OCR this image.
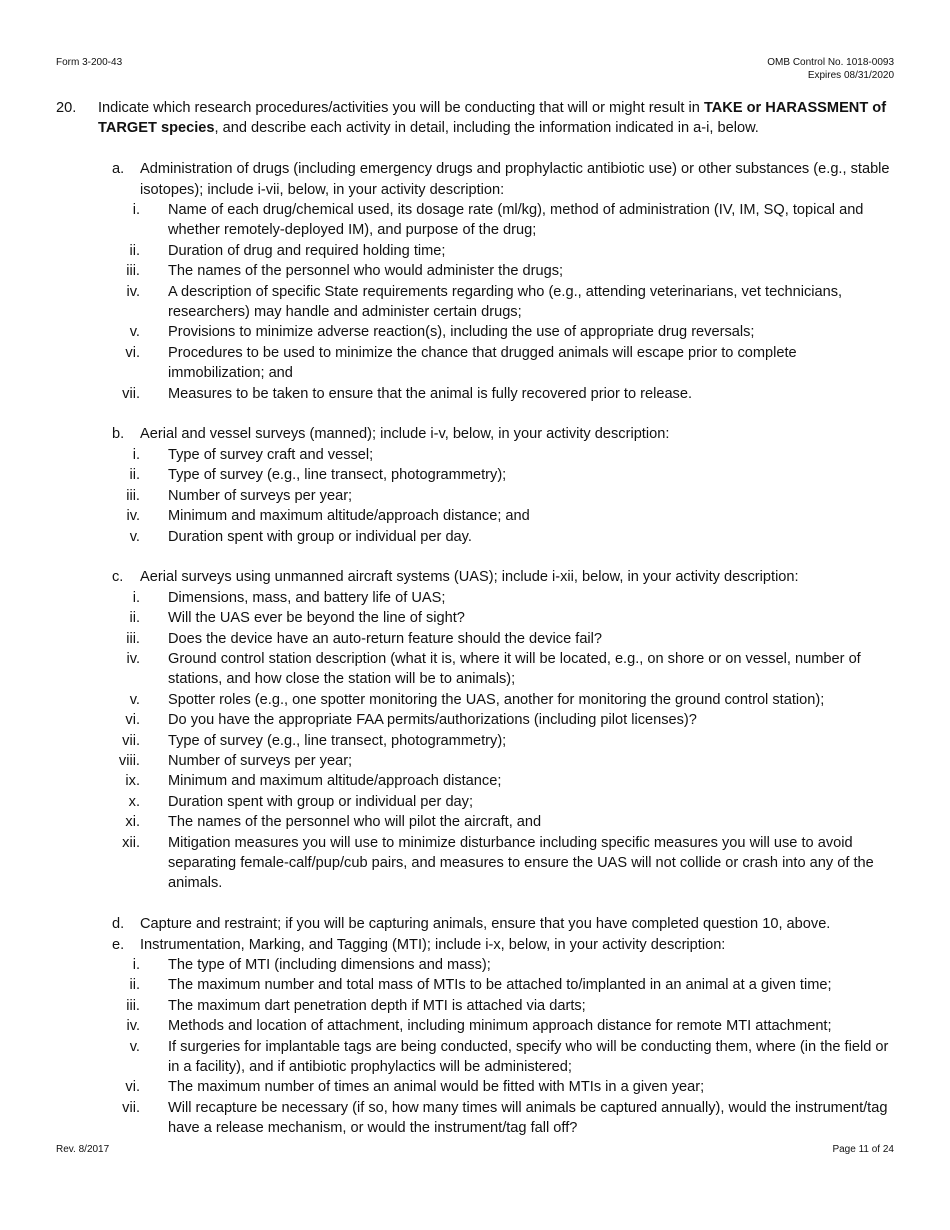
Form 3-200-43	OMB Control No. 1018-0093
Expires 08/31/2020
20. Indicate which research procedures/activities you will be conducting that will or might result in TAKE or HARASSMENT of TARGET species, and describe each activity in detail, including the information indicated in a-i, below.
a. Administration of drugs (including emergency drugs and prophylactic antibiotic use) or other substances (e.g., stable isotopes); include i-vii, below, in your activity description:
i. Name of each drug/chemical used, its dosage rate (ml/kg), method of administration (IV, IM, SQ, topical and whether remotely-deployed IM), and purpose of the drug;
ii. Duration of drug and required holding time;
iii. The names of the personnel who would administer the drugs;
iv. A description of specific State requirements regarding who (e.g., attending veterinarians, vet technicians, researchers) may handle and administer certain drugs;
v. Provisions to minimize adverse reaction(s), including the use of appropriate drug reversals;
vi. Procedures to be used to minimize the chance that drugged animals will escape prior to complete immobilization; and
vii. Measures to be taken to ensure that the animal is fully recovered prior to release.
b. Aerial and vessel surveys (manned); include i-v, below, in your activity description:
i. Type of survey craft and vessel;
ii. Type of survey (e.g., line transect, photogrammetry);
iii. Number of surveys per year;
iv. Minimum and maximum altitude/approach distance; and
v. Duration spent with group or individual per day.
c. Aerial surveys using unmanned aircraft systems (UAS); include i-xii, below, in your activity description:
i. Dimensions, mass, and battery life of UAS;
ii. Will the UAS ever be beyond the line of sight?
iii. Does the device have an auto-return feature should the device fail?
iv. Ground control station description (what it is, where it will be located, e.g., on shore or on vessel, number of stations, and how close the station will be to animals);
v. Spotter roles (e.g., one spotter monitoring the UAS, another for monitoring the ground control station);
vi. Do you have the appropriate FAA permits/authorizations (including pilot licenses)?
vii. Type of survey (e.g., line transect, photogrammetry);
viii. Number of surveys per year;
ix. Minimum and maximum altitude/approach distance;
x. Duration spent with group or individual per day;
xi. The names of the personnel who will pilot the aircraft, and
xii. Mitigation measures you will use to minimize disturbance including specific measures you will use to avoid separating female-calf/pup/cub pairs, and measures to ensure the UAS will not collide or crash into any of the animals.
d. Capture and restraint; if you will be capturing animals, ensure that you have completed question 10, above.
e. Instrumentation, Marking, and Tagging (MTI); include i-x, below, in your activity description:
i. The type of MTI (including dimensions and mass);
ii. The maximum number and total mass of MTIs to be attached to/implanted in an animal at a given time;
iii. The maximum dart penetration depth if MTI is attached via darts;
iv. Methods and location of attachment, including minimum approach distance for remote MTI attachment;
v. If surgeries for implantable tags are being conducted, specify who will be conducting them, where (in the field or in a facility), and if antibiotic prophylactics will be administered;
vi. The maximum number of times an animal would be fitted with MTIs in a given year;
vii. Will recapture be necessary (if so, how many times will animals be captured annually), would the instrument/tag have a release mechanism, or would the instrument/tag fall off?
Rev. 8/2017	Page 11 of 24
